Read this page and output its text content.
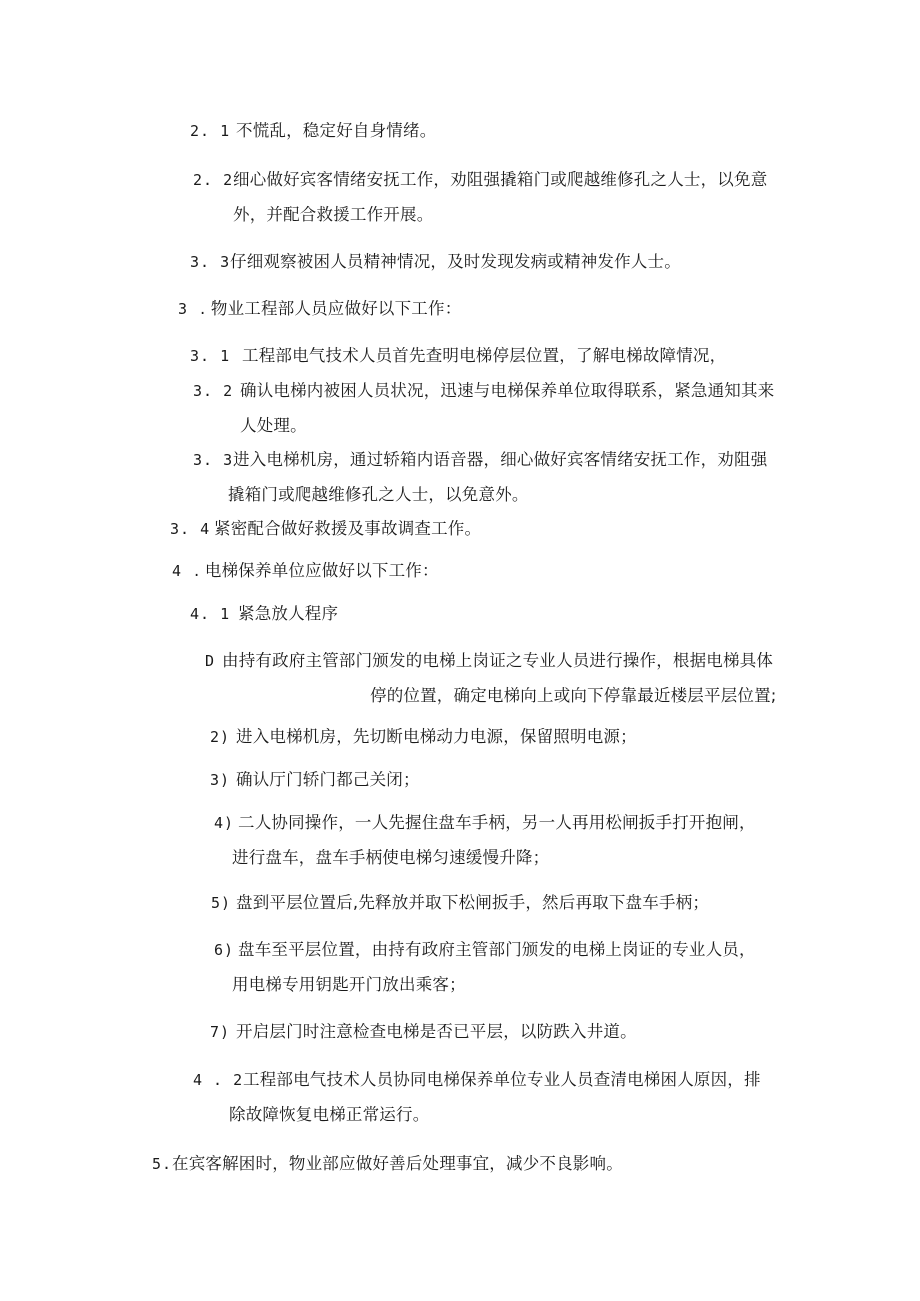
2. 1 不慌乱，稳定好自身情绪。
2. 2细心做好宾客情绪安抚工作，劝阻强撬箱门或爬越维修孔之人士，以免意
外，并配合救援工作开展。
3. 3仔细观察被困人员精神情况，及时发现发病或精神发作人士。
3 . 物业工程部人员应做好以下工作：
3. 1 工程部电气技术人员首先查明电梯停层位置，了解电梯故障情况，
3. 2 确认电梯内被困人员状况，迅速与电梯保养单位取得联系，紧急通知其来
人处理。
3. 3进入电梯机房，通过轿箱内语音器，细心做好宾客情绪安抚工作，劝阻强
撬箱门或爬越维修孔之人士，以免意外。
3. 4 紧密配合做好救援及事故调查工作。
4 . 电梯保养单位应做好以下工作：
4. 1 紧急放人程序
D 由持有政府主管部门颁发的电梯上岗证之专业人员进行操作，根据电梯具体
停的位置，确定电梯向上或向下停靠最近楼层平层位置;
2) 进入电梯机房，先切断电梯动力电源，保留照明电源；
3) 确认厅门轿门都己关闭；
4) 二人协同操作，一人先握住盘车手柄，另一人再用松闸扳手打开抱闸，
进行盘车，盘车手柄使电梯匀速缓慢升降；
5) 盘到平层位置后,先释放并取下松闸扳手，然后再取下盘车手柄；
6) 盘车至平层位置，由持有政府主管部门颁发的电梯上岗证的专业人员，
用电梯专用钥匙开门放出乘客；
7) 开启层门时注意检查电梯是否已平层，以防跌入井道。
4 . 2工程部电气技术人员协同电梯保养单位专业人员查清电梯困人原因，排
除故障恢复电梯正常运行。
5.在宾客解困时，物业部应做好善后处理事宜，减少不良影响。
